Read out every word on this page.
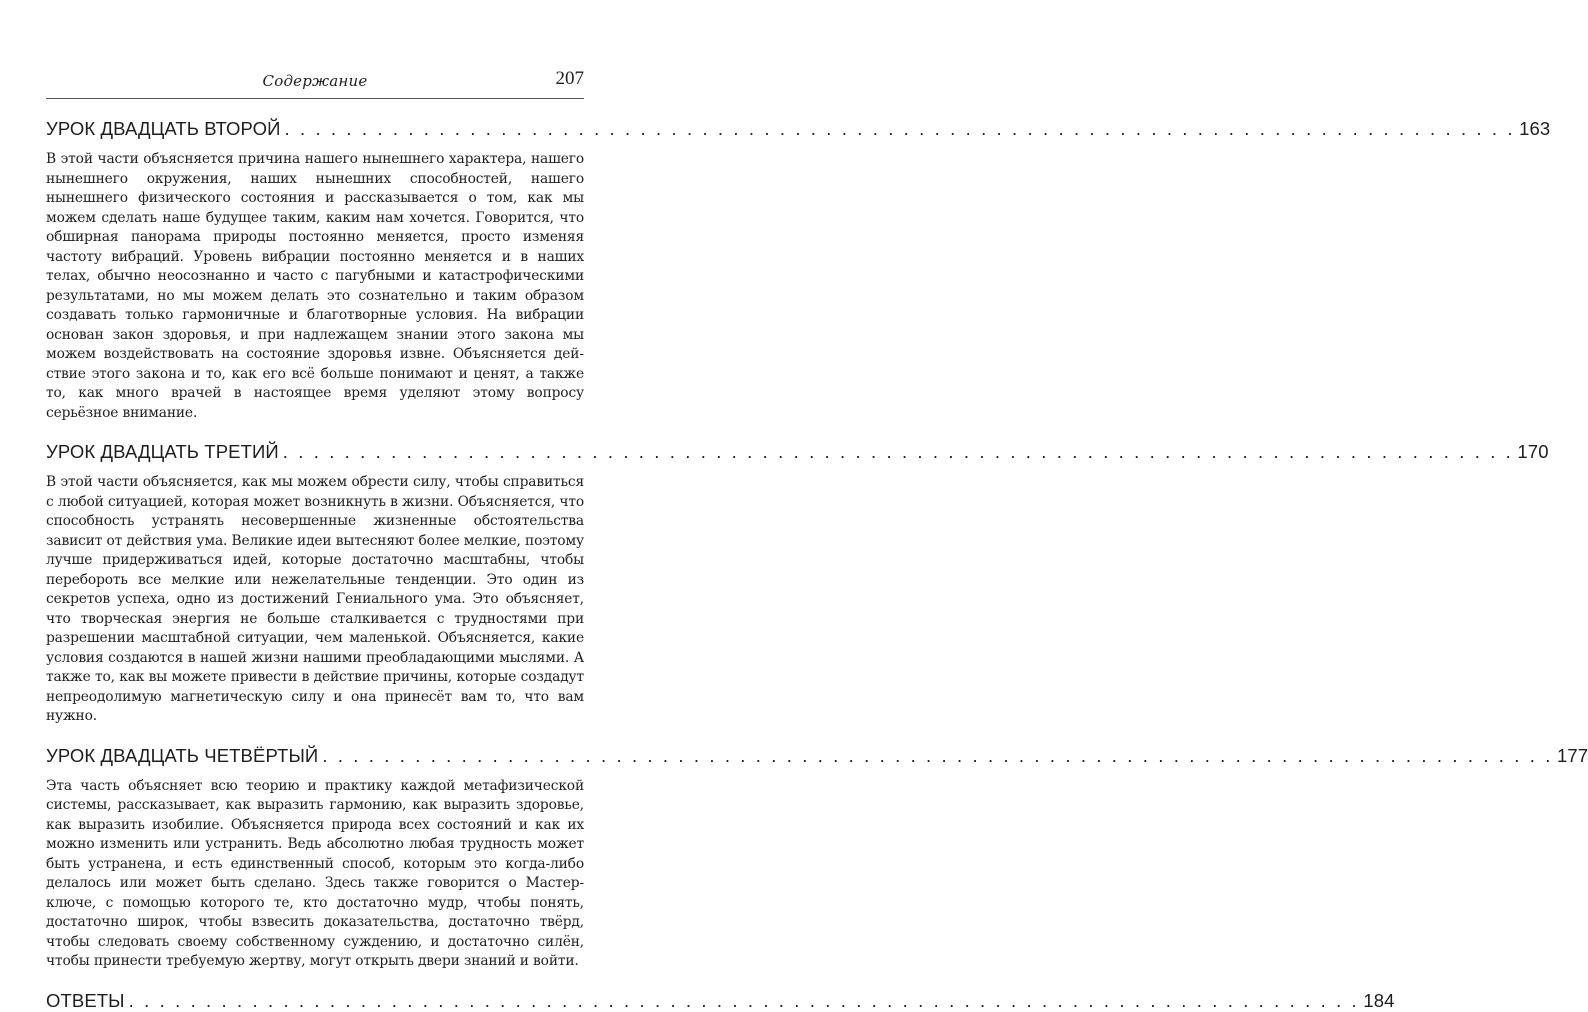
Содержание	207
УРОК ДВАДЦАТЬ ВТОРОЙ . . . . . . . . . . . . . . . . . . . . . . . . . . . . . . . . . . . . . . . . . . . . . . . . . . . . . . . . . . . . . . . . . . . . . . . . . . . . . . . . 163

В этой части объясняется причина нашего нынешнего характера, нашего нынешнего окружения, наших нынешних способностей, нашего нынешнего физического состояния и рассказывается о том, как мы можем сделать наше будущее таким, каким нам хочется. Говорится, что обширная панорама природы постоянно меняется, просто изменяя частоту вибраций. Уровень вибрации постоянно меняется и в наших телах, обычно неосознанно и часто с пагубными и катастрофическими результатами, но мы можем делать это сознательно и таким образом создавать только гармоничные и благотворные условия. На вибрации основан закон здоровья, и при надлежащем знании этого закона мы можем воздействовать на состояние здоровья извне. Объясняется действие этого закона и то, как его всё больше понимают и ценят, а также то, как много врачей в настоящее время уделяют этому вопросу серьёзное внимание.

УРОК ДВАДЦАТЬ ТРЕТИЙ . . . . . . . . . . . . . . . . . . . . . . . . . . . . . . . . . . . . . . . . . . . . . . . . . . . . . . . . . . . . . . . . . . . . . . . . . . . . . . . . 170

В этой части объясняется, как мы можем обрести силу, чтобы справиться с любой ситуацией, которая может возникнуть в жизни. Объясняется, что способность устранять несовершенные жизненные обстоятельства зависит от действия ума. Великие идеи вытесняют более мелкие, поэтому лучше придерживаться идей, которые достаточно масштабны, чтобы перебороть все мелкие или нежелательные тенденции. Это один из секретов успеха, одно из достижений Гениального ума. Это объясняет, что творческая энергия не больше сталкивается с трудностями при разрешении масштабной ситуации, чем маленькой. Объясняется, какие условия создаются в нашей жизни нашими преобладающими мыслями. А также то, как вы можете привести в действие причины, которые создадут непреодолимую магнетическую силу и она принесёт вам то, что вам нужно.

УРОК ДВАДЦАТЬ ЧЕТВЁРТЫЙ . . . . . . . . . . . . . . . . . . . . . . . . . . . . . . . . . . . . . . . . . . . . . . . . . . . . . . . . . . . . . . . . . . . . . . . . . . . . . . . . 177

Эта часть объясняет всю теорию и практику каждой метафизической системы, рассказывает, как выразить гармонию, как выразить здоровье, как выразить изобилие. Объясняется природа всех состояний и как их можно изменить или устранить. Ведь абсолютно любая трудность может быть устранена, и есть единственный способ, которым это когда-либо делалось или может быть сделано. Здесь также говорится о Мастер-ключе, с помощью которого те, кто достаточно мудр, чтобы понять, достаточно широк, чтобы взвесить доказательства, достаточно твёрд, чтобы следовать своему собственному суждению, и достаточно силён, чтобы принести требуемую жертву, могут открыть двери знаний и войти.

ОТВЕТЫ . . . . . . . . . . . . . . . . . . . . . . . . . . . . . . . . . . . . . . . . . . . . . . . . . . . . . . . . . . . . . . . . . . . . . . . . . . . . . . . . 184
